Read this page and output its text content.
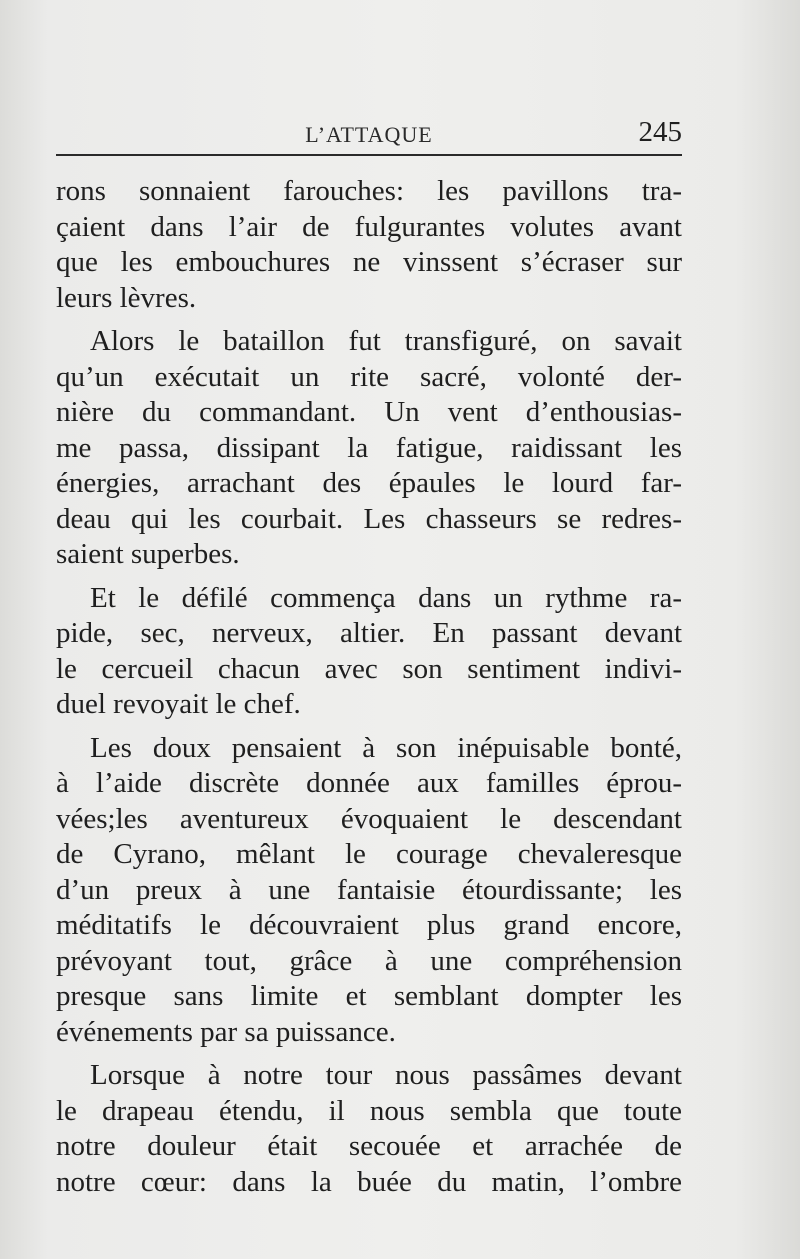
L’ATTAQUE	245

rons sonnaient farouches: les pavillons tra-
çaient dans l’air de fulgurantes volutes avant
que les embouchures ne vinssent s’écraser sur
leurs lèvres.

Alors le bataillon fut transfiguré, on savait
qu’un exécutait un rite sacré, volonté der-
nière du commandant. Un vent d’enthousias-
me passa, dissipant la fatigue, raidissant les
énergies, arrachant des épaules le lourd far-
deau qui les courbait. Les chasseurs se redres-
saient superbes.

Et le défilé commença dans un rythme ra-
pide, sec, nerveux, altier. En passant devant
le cercueil chacun avec son sentiment indivi-
duel revoyait le chef.

Les doux pensaient à son inépuisable bonté,
à l’aide discrète donnée aux familles éprou-
vées;les aventureux évoquaient le descendant
de Cyrano, mêlant le courage chevaleresque
d’un preux à une fantaisie étourdissante; les
méditatifs le découvraient plus grand encore,
prévoyant tout, grâce à une compréhension
presque sans limite et semblant dompter les
événements par sa puissance.

Lorsque à notre tour nous passâmes devant
le drapeau étendu, il nous sembla que toute
notre douleur était secouée et arrachée de
notre cœur: dans la buée du matin, l’ombre
